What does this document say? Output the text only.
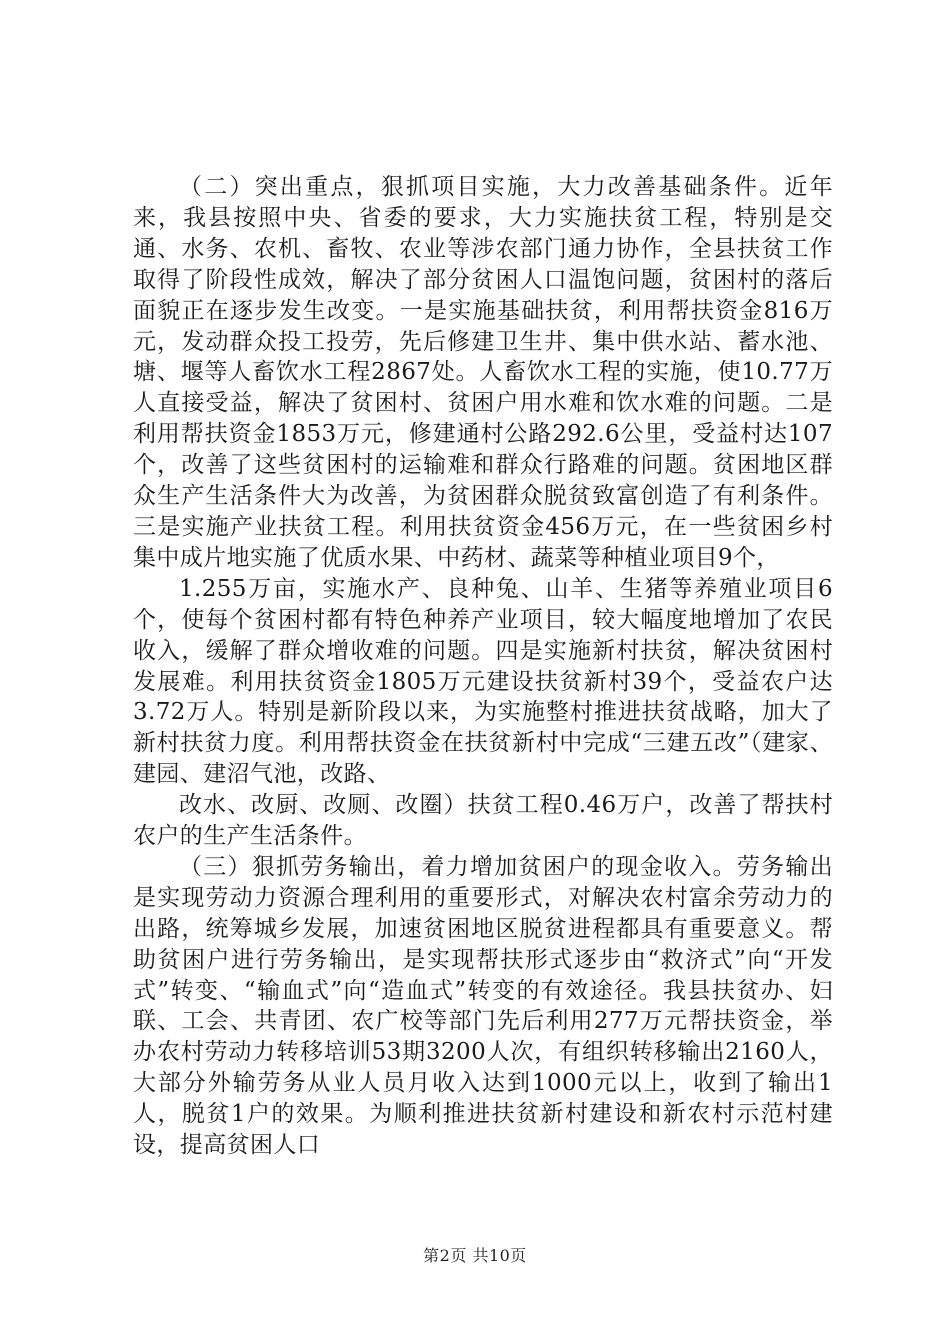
（二）突出重点，狠抓项目实施，大力改善基础条件。近年来，我县按照中央、省委的要求，大力实施扶贫工程，特别是交通、水务、农机、畜牧、农业等涉农部门通力协作，全县扶贫工作取得了阶段性成效，解决了部分贫困人口温饱问题，贫困村的落后面貌正在逐步发生改变。一是实施基础扶贫，利用帮扶资金816万元，发动群众投工投劳，先后修建卫生井、集中供水站、蓄水池、塘、堰等人畜饮水工程2867处。人畜饮水工程的实施，使10.77万人直接受益，解决了贫困村、贫困户用水难和饮水难的问题。二是利用帮扶资金1853万元，修建通村公路292.6公里，受益村达107个，改善了这些贫困村的运输难和群众行路难的问题。贫困地区群众生产生活条件大为改善，为贫困群众脱贫致富创造了有利条件。三是实施产业扶贫工程。利用扶贫资金456万元，在一些贫困乡村集中成片地实施了优质水果、中药材、蔬菜等种植业项目9个，

1.255万亩，实施水产、良种兔、山羊、生猪等养殖业项目6个，使每个贫困村都有特色种养产业项目，较大幅度地增加了农民收入，缓解了群众增收难的问题。四是实施新村扶贫，解决贫困村发展难。利用扶贫资金1805万元建设扶贫新村39个，受益农户达3.72万人。特别是新阶段以来，为实施整村推进扶贫战略，加大了新村扶贫力度。利用帮扶资金在扶贫新村中完成“三建五改”（建家、建园、建沼气池，改路、

改水、改厨、改厕、改圈）扶贫工程0.46万户，改善了帮扶村农户的生产生活条件。

（三）狠抓劳务输出，着力增加贫困户的现金收入。劳务输出是实现劳动力资源合理利用的重要形式，对解决农村富余劳动力的出路，统筹城乡发展，加速贫困地区脱贫进程都具有重要意义。帮助贫困户进行劳务输出，是实现帮扶形式逐步由“救济式”向“开发式”转变、“输血式”向“造血式”转变的有效途径。我县扶贫办、妇联、工会、共青团、农广校等部门先后利用277万元帮扶资金，举办农村劳动力转移培训53期3200人次，有组织转移输出2160人，大部分外输劳务从业人员月收入达到1000元以上，收到了输出1人，脱贫1户的效果。为顺利推进扶贫新村建设和新农村示范村建设，提高贫困人口

第2页 共10页
